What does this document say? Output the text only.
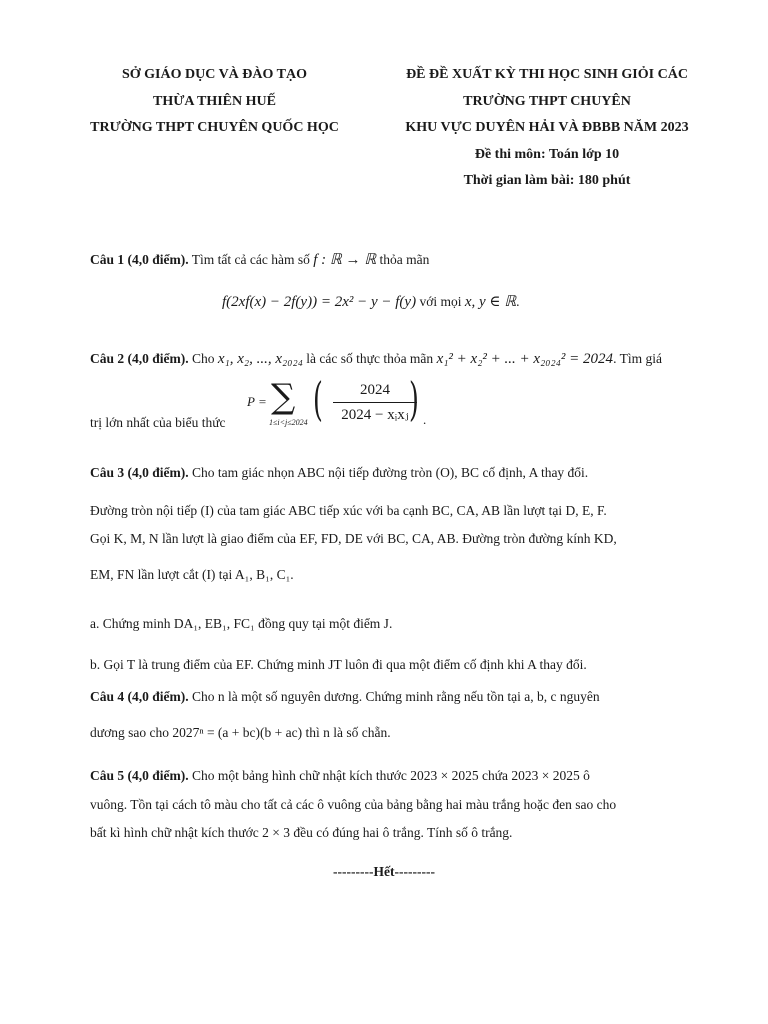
SỞ GIÁO DỤC VÀ ĐÀO TẠO
THỪA THIÊN HUẾ
TRƯỜNG THPT CHUYÊN QUỐC HỌC
ĐỀ ĐỀ XUẤT KỲ THI HỌC SINH GIỎI CÁC
TRƯỜNG THPT CHUYÊN
KHU VỰC DUYÊN HẢI VÀ ĐBBB NĂM 2023
Đề thi môn: Toán lớp 10
Thời gian làm bài: 180 phút
Câu 1 (4,0 điểm). Tìm tất cả các hàm số f : ℝ → ℝ thỏa mãn
f(2xf(x) − 2f(y)) = 2x² − y − f(y) với mọi x, y ∈ ℝ.
Câu 2 (4,0 điểm). Cho x₁, x₂, ..., x₂₀₂₄ là các số thực thỏa mãn x₁² + x₂² + ... + x₂₀₂₄² = 2024. Tìm giá
trị lớn nhất của biểu thức
P = ∑
1≤i<j≤2024 (	2024
2024 − xᵢxⱼ ) .
Câu 3 (4,0 điểm). Cho tam giác nhọn ABC nội tiếp đường tròn (O), BC cố định, A thay đổi.
Đường tròn nội tiếp (I) của tam giác ABC tiếp xúc với ba cạnh BC, CA, AB lần lượt tại D, E, F.
Gọi K, M, N lần lượt là giao điểm của EF, FD, DE với BC, CA, AB. Đường tròn đường kính KD,
EM, FN lần lượt cắt (I) tại A₁, B₁, C₁.
a. Chứng minh DA₁, EB₁, FC₁ đồng quy tại một điểm J.
b. Gọi T là trung điểm của EF. Chứng minh JT luôn đi qua một điểm cố định khi A thay đổi.
Câu 4 (4,0 điểm). Cho n là một số nguyên dương. Chứng minh rằng nếu tồn tại a, b, c nguyên
dương sao cho 2027ⁿ = (a + bc)(b + ac) thì n là số chẵn.
Câu 5 (4,0 điểm). Cho một bảng hình chữ nhật kích thước 2023 × 2025 chứa 2023 × 2025 ô
vuông. Tồn tại cách tô màu cho tất cả các ô vuông của bảng bằng hai màu trắng hoặc đen sao cho
bất kì hình chữ nhật kích thước 2 × 3 đều có đúng hai ô trắng. Tính số ô trắng.
---------Hết---------
